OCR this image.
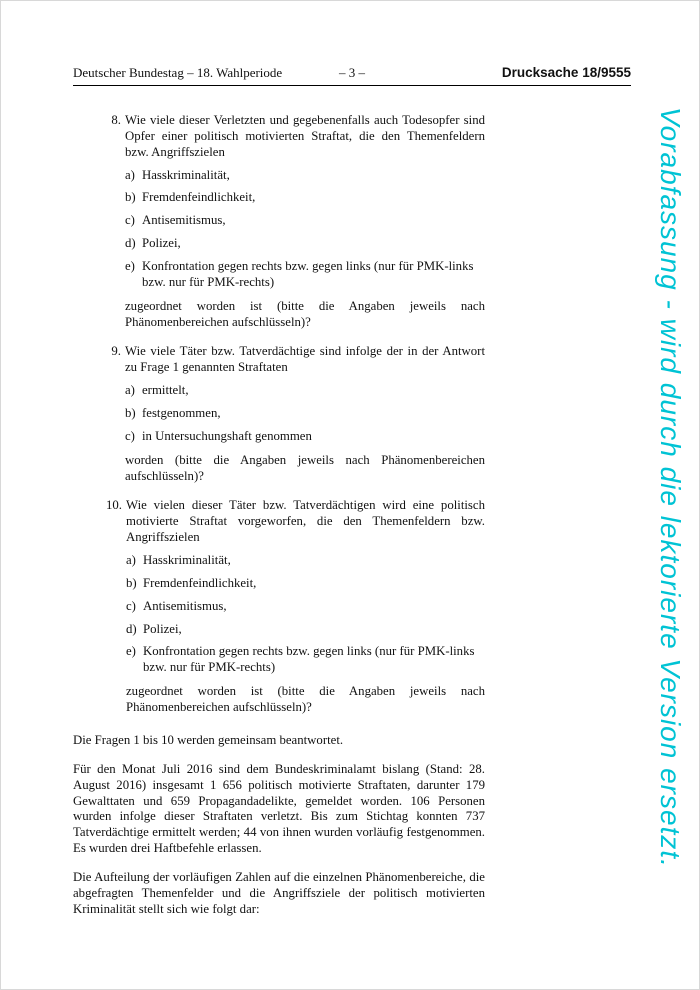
Deutscher Bundestag – 18. Wahlperiode	– 3 –	Drucksache 18/9555
8. Wie viele dieser Verletzten und gegebenenfalls auch Todesopfer sind Opfer einer politisch motivierten Straftat, die den Themenfeldern bzw. Angriffszielen

a) Hasskriminalität,
b) Fremdenfeindlichkeit,
c) Antisemitismus,
d) Polizei,
e) Konfrontation gegen rechts bzw. gegen links (nur für PMK-links bzw. nur für PMK-rechts)

zugeordnet worden ist (bitte die Angaben jeweils nach Phänomenbereichen aufschlüsseln)?

9. Wie viele Täter bzw. Tatverdächtige sind infolge der in der Antwort zu Frage 1 genannten Straftaten

a) ermittelt,
b) festgenommen,
c) in Untersuchungshaft genommen

worden (bitte die Angaben jeweils nach Phänomenbereichen aufschlüsseln)?

10. Wie vielen dieser Täter bzw. Tatverdächtigen wird eine politisch motivierte Straftat vorgeworfen, die den Themenfeldern bzw. Angriffszielen

a) Hasskriminalität,
b) Fremdenfeindlichkeit,
c) Antisemitismus,
d) Polizei,
e) Konfrontation gegen rechts bzw. gegen links (nur für PMK-links bzw. nur für PMK-rechts)

zugeordnet worden ist (bitte die Angaben jeweils nach Phänomenbereichen aufschlüsseln)?

Die Fragen 1 bis 10 werden gemeinsam beantwortet.

Für den Monat Juli 2016 sind dem Bundeskriminalamt bislang (Stand: 28. August 2016) insgesamt 1 656 politisch motivierte Straftaten, darunter 179 Gewalttaten und 659 Propagandadelikte, gemeldet worden. 106 Personen wurden infolge dieser Straftaten verletzt. Bis zum Stichtag konnten 737 Tatverdächtige ermittelt werden; 44 von ihnen wurden vorläufig festgenommen. Es wurden drei Haftbefehle erlassen.

Die Aufteilung der vorläufigen Zahlen auf die einzelnen Phänomenbereiche, die abgefragten Themenfelder und die Angriffsziele der politisch motivierten Kriminalität stellt sich wie folgt dar:

Vorabfassung - wird durch die lektorierte Version ersetzt.
